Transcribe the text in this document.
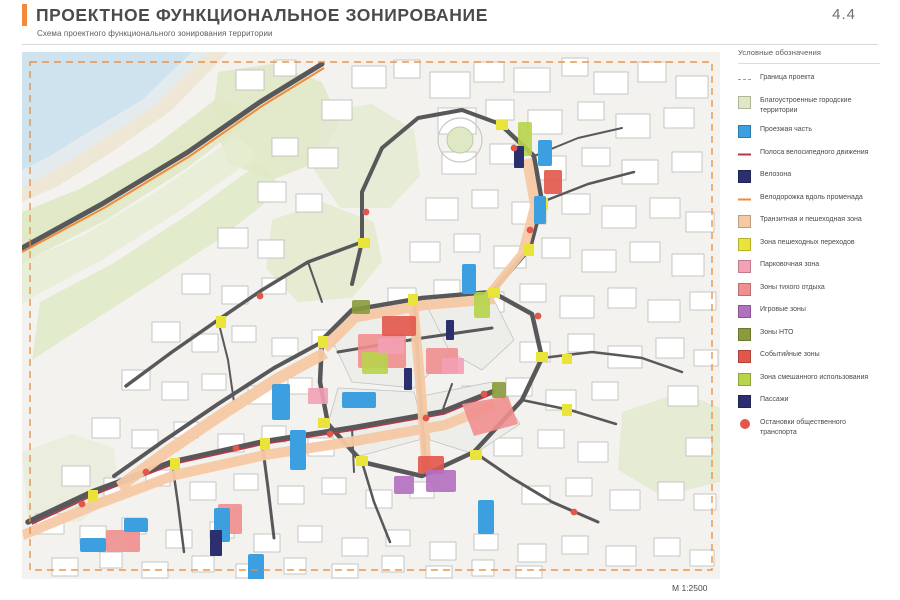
ПРОЕКТНОЕ ФУНКЦИОНАЛЬНОЕ ЗОНИРОВАНИЕ
Схема проектного функционального зонирования территории
4.4
Условные обозначения
Граница проекта
Благоустроенные городские территории
Проезжая часть
Полоса велосипедного движения
Велозона
Велодорожка вдоль променада
Транзитная и пешеходная зона
Зона пешеходных переходов
Парковочная зона
Зоны тихого отдыха
Игровые зоны
Зоны НТО
Событийные зоны
Зона смешанного использования
Пассажи
Остановки общественного транспорта
М 1:2500
